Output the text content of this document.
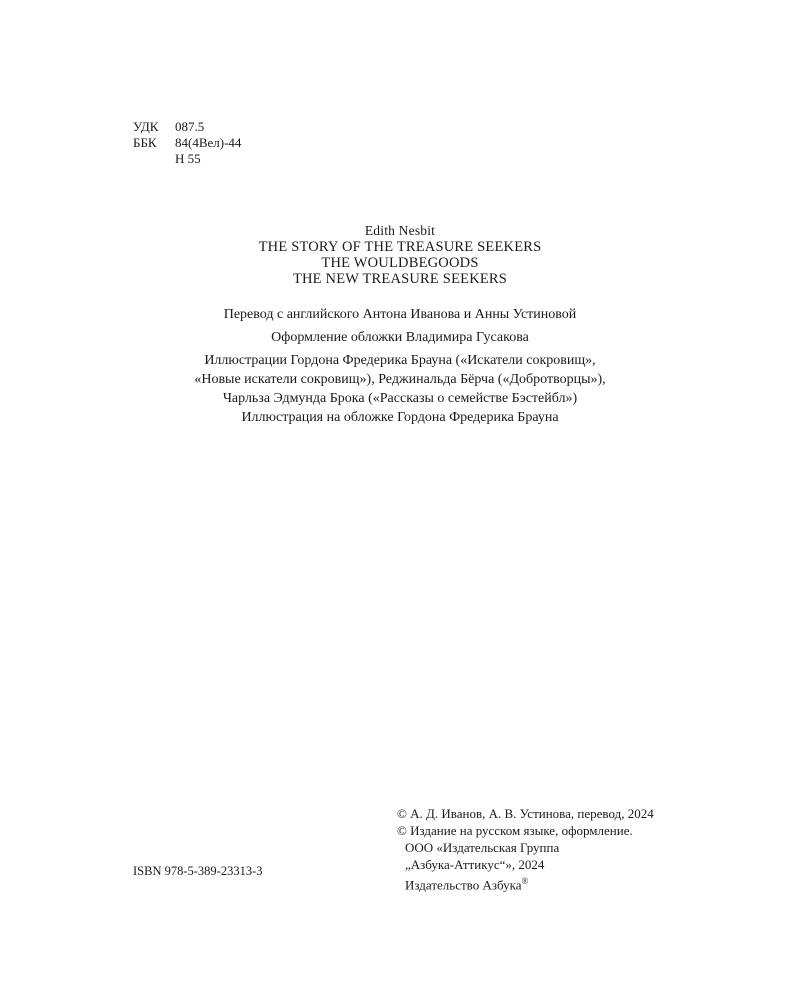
УДК	087.5
ББК	84(4Вел)-44
Н 55
Edith Nesbit
THE STORY OF THE TREASURE SEEKERS
THE WOULDBEGOODS
THE NEW TREASURE SEEKERS
Перевод с английского Антона Иванова и Анны Устиновой
Оформление обложки Владимира Гусакова
Иллюстрации Гордона Фредерика Брауна («Искатели сокровищ»,
«Новые искатели сокровищ»), Реджинальда Бёрча («Добротворцы»),
Чарльза Эдмунда Брока («Рассказы о семействе Бэстейбл»)
Иллюстрация на обложке Гордона Фредерика Брауна
© А. Д. Иванов, А. В. Устинова, перевод, 2024
© Издание на русском языке, оформление.
ООО «Издательская Группа
„Азбука-Аттикус“», 2024
Издательство Азбука®
ISBN 978-5-389-23313-3
